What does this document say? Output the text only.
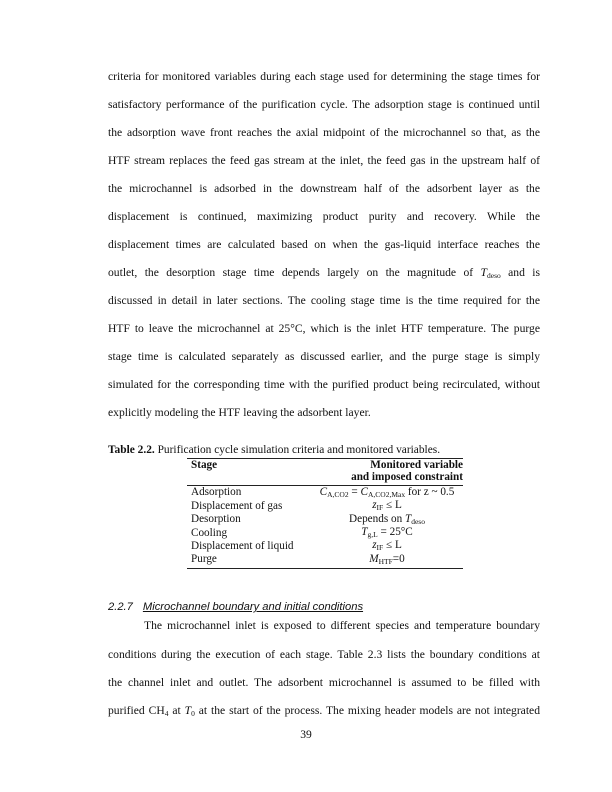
criteria for monitored variables during each stage used for determining the stage times for
satisfactory performance of the purification cycle. The adsorption stage is continued until
the adsorption wave front reaches the axial midpoint of the microchannel so that, as the
HTF stream replaces the feed gas stream at the inlet, the feed gas in the upstream half of
the microchannel is adsorbed in the downstream half of the adsorbent layer as the
displacement is continued, maximizing product purity and recovery. While the
displacement times are calculated based on when the gas-liquid interface reaches the
outlet, the desorption stage time depends largely on the magnitude of Tdeso and is
discussed in detail in later sections. The cooling stage time is the time required for the
HTF to leave the microchannel at 25°C, which is the inlet HTF temperature. The purge
stage time is calculated separately as discussed earlier, and the purge stage is simply
simulated for the corresponding time with the purified product being recirculated, without
explicitly modeling the HTF leaving the adsorbent layer.
Table 2.2. Purification cycle simulation criteria and monitored variables.
Stage	Monitored variable
	and imposed constraint
Adsorption	CA,CO2 = CA,CO2,Max for z ~ 0.5
Displacement of gas	zIF ≤ L
Desorption	Depends on Tdeso
Cooling	Tg,L = 25°C
Displacement of liquid	zIF ≤ L
Purge	MHTF=0
2.2.7 Microchannel boundary and initial conditions
The microchannel inlet is exposed to different species and temperature boundary
conditions during the execution of each stage. Table 2.3 lists the boundary conditions at
the channel inlet and outlet. The adsorbent microchannel is assumed to be filled with
purified CH4 at T0 at the start of the process. The mixing header models are not integrated
39
